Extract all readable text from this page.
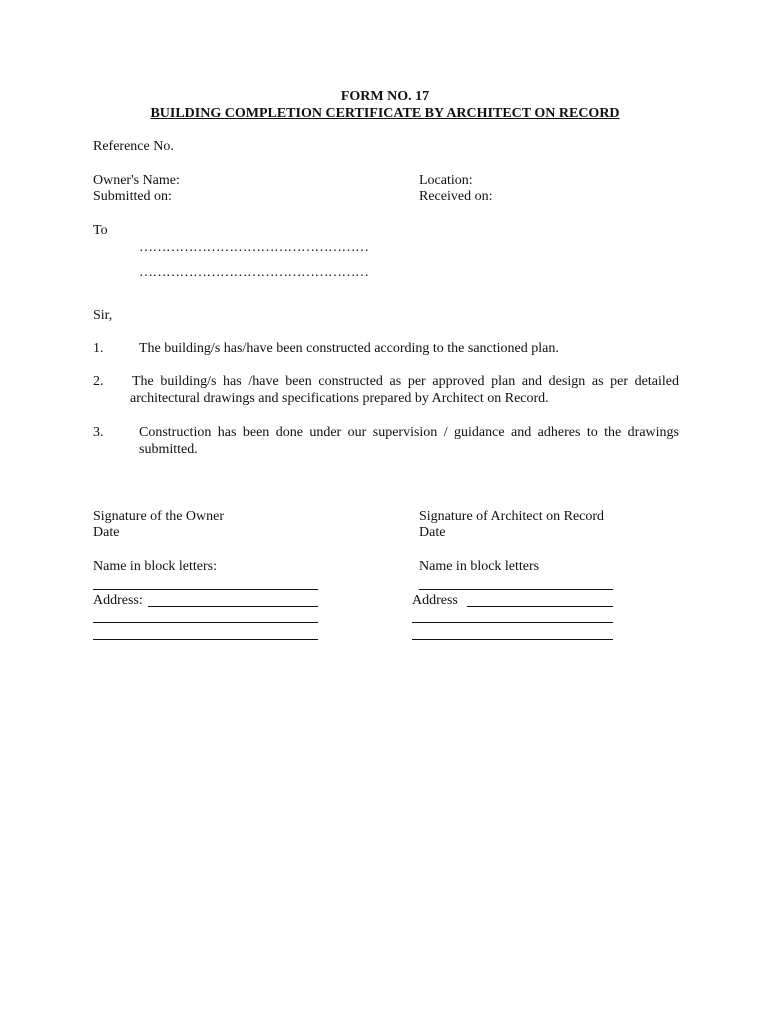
FORM NO. 17
BUILDING COMPLETION CERTIFICATE BY ARCHITECT ON RECORD
Reference No.
Owner's Name:
Submitted on:
Location:
Received on:
To
……………………………………………
……………………………………………
Sir,
1.	The building/s has/have been constructed according to the sanctioned plan.
2. The building/s has /have been constructed as per approved plan and design as per detailed architectural drawings and specifications prepared by Architect on Record.
3.	Construction has been done under our supervision / guidance and adheres to the drawings submitted.
Signature of the Owner
Date
Name in block letters:
Address:
Signature of Architect on Record
Date
Name in block letters
Address
